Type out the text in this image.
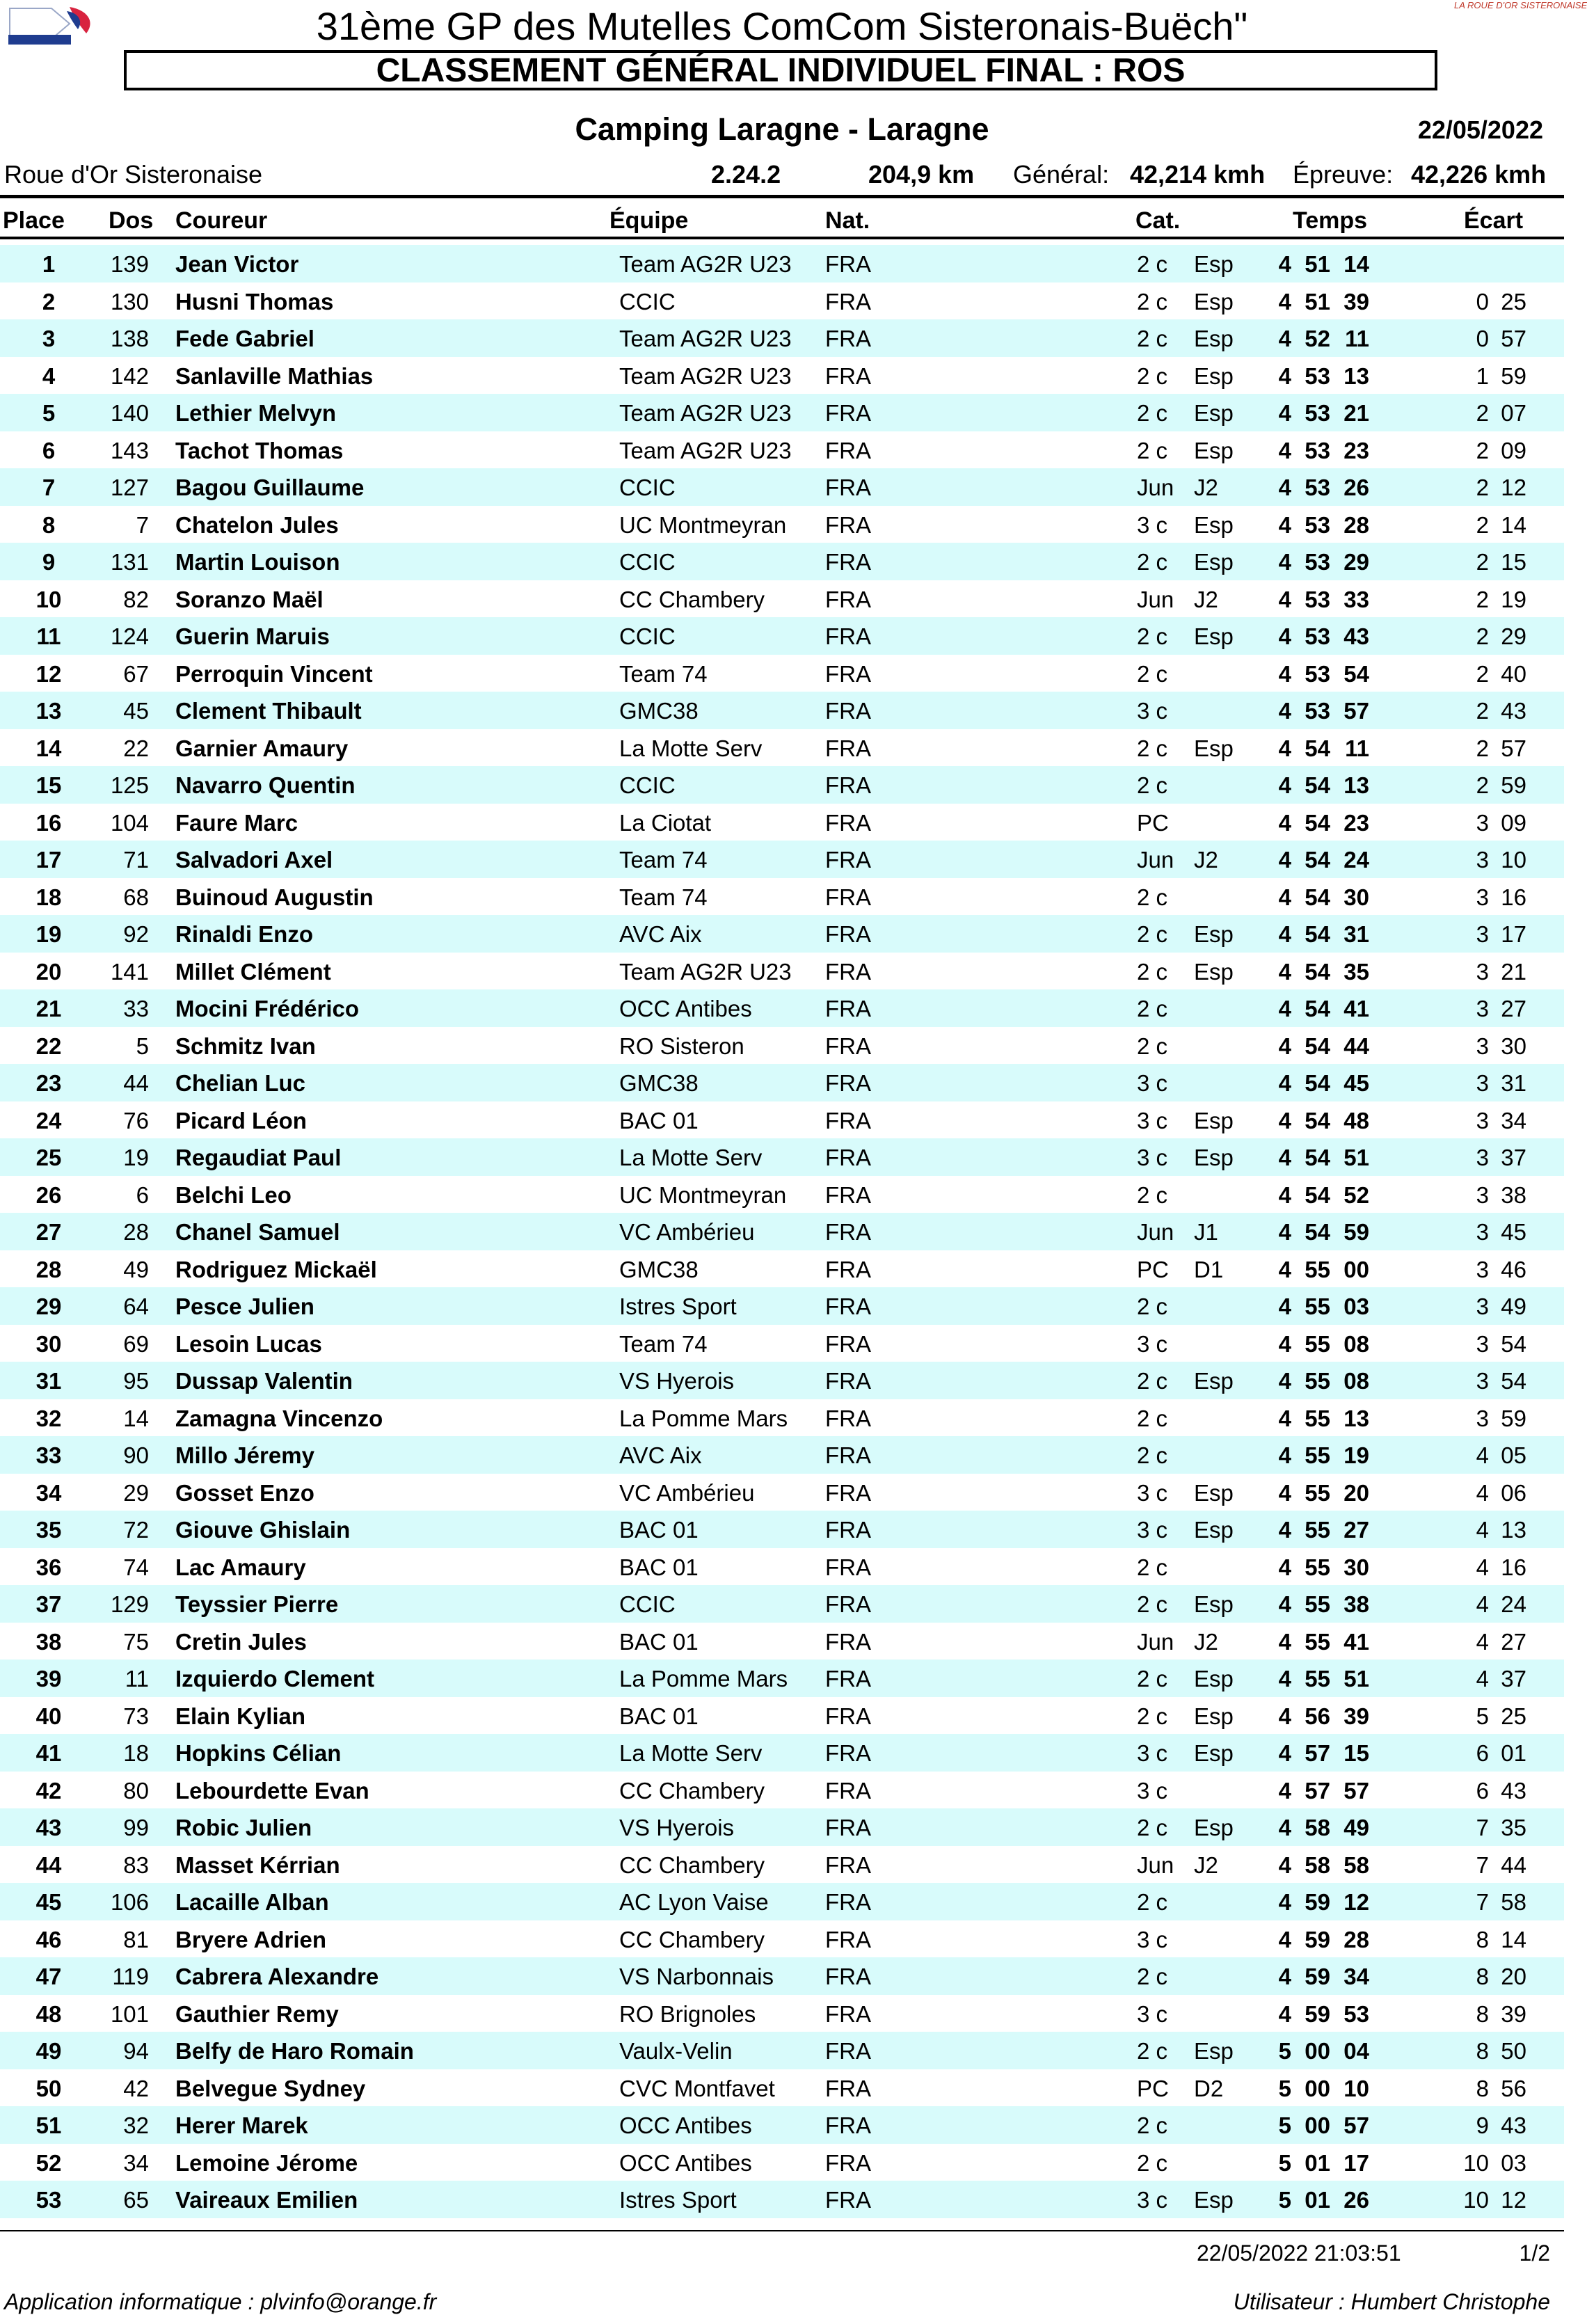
LA ROUE D'OR SISTERONAISE
31ème GP des Mutelles ComCom Sisteronais-Buëch"
CLASSEMENT GÉNÉRAL INDIVIDUEL FINAL : ROS
Camping Laragne - Laragne	22/05/2022
Roue d'Or Sisteronaise	2.24.2	204,9 km Général: 42,214 kmh Épreuve: 42,226 kmh
Place Dos Coureur	Équipe	Nat.	Cat.	Temps	Écart
1	139 Jean Victor	Team AG2R U23 FRA	2 c Esp	4 51 14
2	130 Husni Thomas	CCIC	FRA	2 c Esp	4 51 39	0 25
3	138 Fede Gabriel	Team AG2R U23 FRA	2 c Esp	4 52 11	0 57
4	142 Sanlaville Mathias	Team AG2R U23 FRA	2 c Esp	4 53 13	1 59
5	140 Lethier Melvyn	Team AG2R U23 FRA	2 c Esp	4 53 21	2 07
6	143 Tachot Thomas	Team AG2R U23 FRA	2 c Esp	4 53 23	2 09
7	127 Bagou Guillaume	CCIC	FRA	Jun J2	4 53 26	2 12
8	7 Chatelon Jules	UC Montmeyran FRA	3 c Esp	4 53 28	2 14
9	131 Martin Louison	CCIC	FRA	2 c Esp	4 53 29	2 15
10	82 Soranzo Maël	CC Chambery	FRA	Jun J2	4 53 33	2 19
11	124 Guerin Maruis	CCIC	FRA	2 c Esp	4 53 43	2 29
12	67 Perroquin Vincent	Team 74	FRA	2 c	4 53 54	2 40
13	45 Clement Thibault	GMC38	FRA	3 c	4 53 57	2 43
14	22 Garnier Amaury	La Motte Serv	FRA	2 c Esp	4 54 11	2 57
15	125 Navarro Quentin	CCIC	FRA	2 c	4 54 13	2 59
16	104 Faure Marc	La Ciotat	FRA	PC	4 54 23	3 09
17	71 Salvadori Axel	Team 74	FRA	Jun J2	4 54 24	3 10
18	68 Buinoud Augustin	Team 74	FRA	2 c	4 54 30	3 16
19	92 Rinaldi Enzo	AVC Aix	FRA	2 c Esp	4 54 31	3 17
20	141 Millet Clément	Team AG2R U23 FRA	2 c Esp	4 54 35	3 21
21	33 Mocini Frédérico	OCC Antibes	FRA	2 c	4 54 41	3 27
22	5 Schmitz Ivan	RO Sisteron	FRA	2 c	4 54 44	3 30
23	44 Chelian Luc	GMC38	FRA	3 c	4 54 45	3 31
24	76 Picard Léon	BAC 01	FRA	3 c Esp	4 54 48	3 34
25	19 Regaudiat Paul	La Motte Serv	FRA	3 c Esp	4 54 51	3 37
26	6 Belchi Leo	UC Montmeyran FRA	2 c	4 54 52	3 38
27	28 Chanel Samuel	VC Ambérieu	FRA	Jun J1	4 54 59	3 45
28	49 Rodriguez Mickaël	GMC38	FRA	PC D1	4 55 00	3 46
29	64 Pesce Julien	Istres Sport	FRA	2 c	4 55 03	3 49
30	69 Lesoin Lucas	Team 74	FRA	3 c	4 55 08	3 54
31	95 Dussap Valentin	VS Hyerois	FRA	2 c Esp	4 55 08	3 54
32	14 Zamagna Vincenzo	La Pomme Mars FRA	2 c	4 55 13	3 59
33	90 Millo Jéremy	AVC Aix	FRA	2 c	4 55 19	4 05
34	29 Gosset Enzo	VC Ambérieu	FRA	3 c Esp	4 55 20	4 06
35	72 Giouve Ghislain	BAC 01	FRA	3 c Esp	4 55 27	4 13
36	74 Lac Amaury	BAC 01	FRA	2 c	4 55 30	4 16
37	129 Teyssier Pierre	CCIC	FRA	2 c Esp	4 55 38	4 24
38	75 Cretin Jules	BAC 01	FRA	Jun J2	4 55 41	4 27
39	11 Izquierdo Clement	La Pomme Mars FRA	2 c Esp	4 55 51	4 37
40	73 Elain Kylian	BAC 01	FRA	2 c Esp	4 56 39	5 25
41	18 Hopkins Célian	La Motte Serv	FRA	3 c Esp	4 57 15	6 01
42	80 Lebourdette Evan	CC Chambery	FRA	3 c	4 57 57	6 43
43	99 Robic Julien	VS Hyerois	FRA	2 c Esp	4 58 49	7 35
44	83 Masset Kérrian	CC Chambery	FRA	Jun J2	4 58 58	7 44
45	106 Lacaille Alban	AC Lyon Vaise FRA	2 c	4 59 12	7 58
46	81 Bryere Adrien	CC Chambery	FRA	3 c	4 59 28	8 14
47	119 Cabrera Alexandre	VS Narbonnais FRA	2 c	4 59 34	8 20
48	101 Gauthier Remy	RO Brignoles	FRA	3 c	4 59 53	8 39
49	94 Belfy de Haro Romain	Vaulx-Velin	FRA	2 c Esp	5 00 04	8 50
50	42 Belvegue Sydney	CVC Montfavet FRA	PC D2	5 00 10	8 56
51	32 Herer Marek	OCC Antibes	FRA	2 c	5 00 57	9 43
52	34 Lemoine Jérome	OCC Antibes	FRA	2 c	5 01 17	10 03
53	65 Vaireaux Emilien	Istres Sport	FRA	3 c Esp	5 01 26	10 12
22/05/2022 21:03:51	1/2
Application informatique : plvinfo@orange.fr	Utilisateur : Humbert Christophe
